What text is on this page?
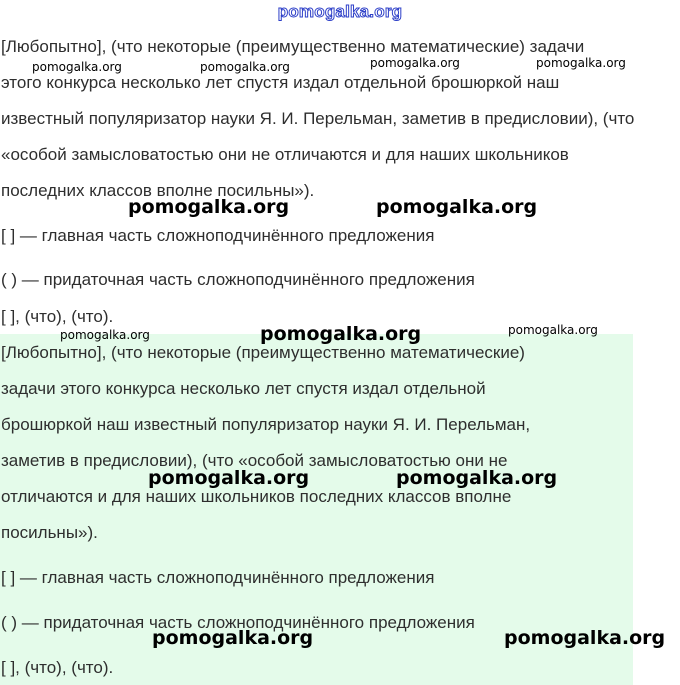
pomogalka.org
[Любопытно], (что некоторые (преимущественно математические) задачи
этого конкурса несколько лет спустя издал отдельной брошюркой наш
известный популяризатор науки Я. И. Перельман, заметив в предисловии), (что
«особой замысловатостью они не отличаются и для наших школьников
последних классов вполне посильны»).
[ ] — главная часть сложноподчинённого предложения
( ) — придаточная часть сложноподчинённого предложения
[ ], (что), (что).
[Любопытно], (что некоторые (преимущественно математические)
задачи этого конкурса несколько лет спустя издал отдельной
брошюркой наш известный популяризатор науки Я. И. Перельман,
заметив в предисловии), (что «особой замысловатостью они не
отличаются и для наших школьников последних классов вполне
посильны»).
[ ] — главная часть сложноподчинённого предложения
( ) — придаточная часть сложноподчинённого предложения
[ ], (что), (что).
pomogalka.org	pomogalka.org	pomogalka.org	pomogalka.org
pomogalka.org	pomogalka.org
pomogalka.org	pomogalka.org	pomogalka.org
pomogalka.org	pomogalka.org
pomogalka.org	pomogalka.org
